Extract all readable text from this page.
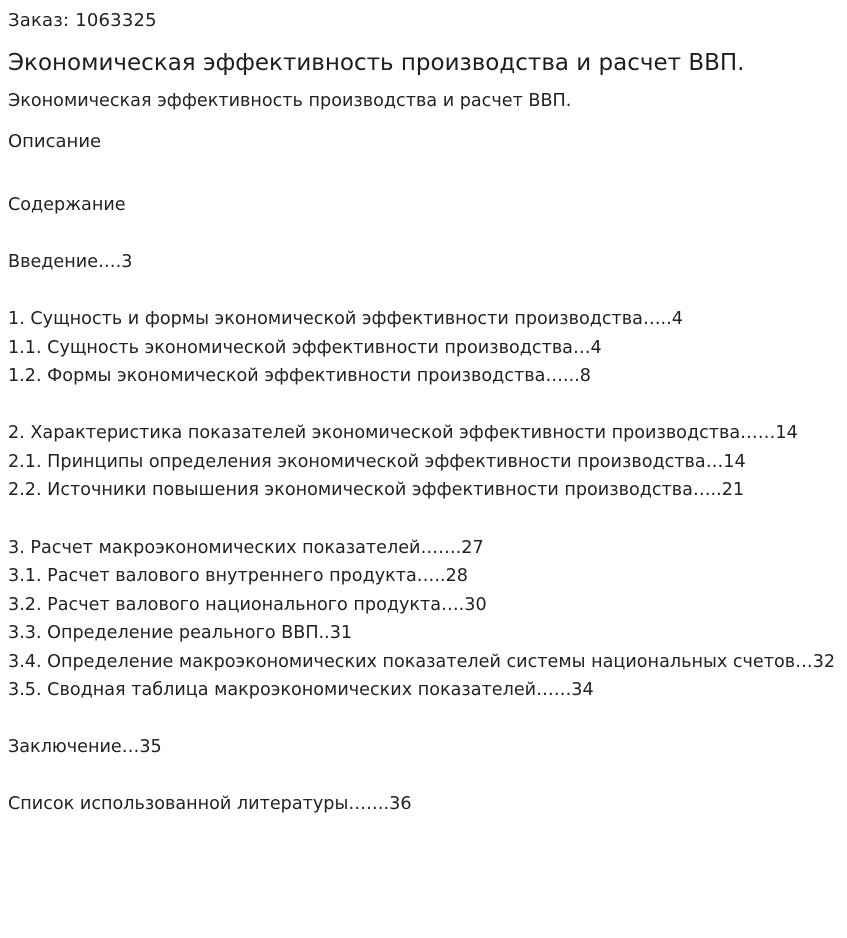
Заказ: 1063325
Экономическая эффективность производства и расчет ВВП.
Экономическая эффективность производства и расчет ВВП.
Описание
Содержание
Введение….3
1. Сущность и формы экономической эффективности производства…..4
1.1. Сущность экономической эффективности производства…4
1.2. Формы экономической эффективности производства…...8
2. Характеристика показателей экономической эффективности производства……14
2.1. Принципы определения экономической эффективности производства…14
2.2. Источники повышения экономической эффективности производства…..21
3. Расчет макроэкономических показателей…….27
3.1. Расчет валового внутреннего продукта…..28
3.2. Расчет валового национального продукта….30
3.3. Определение реального ВВП..31
3.4. Определение макроэкономических показателей системы национальных счетов…32
3.5. Сводная таблица макроэкономических показателей……34
Заключение…35
Список использованной литературы…….36
